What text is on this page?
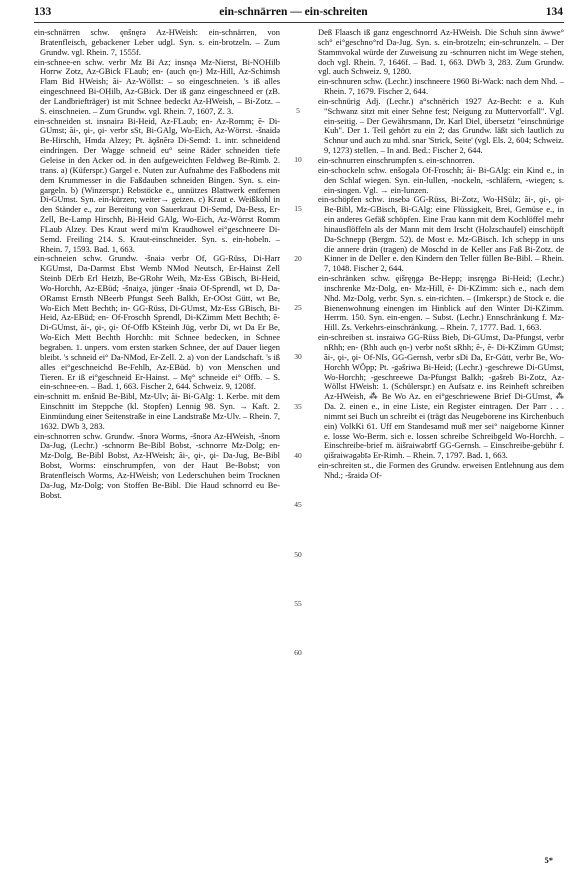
133	ein-schnärren — ein-schreiten	134

ein-schnärren schw. ęnšnęrə Az-HWeish: ein-schnärren, von Bratenfleisch, gebackener Leber udgl. Syn. s. ein-brotzeln. – Zum Grundw. vgl. Rhein. 7, 1555f.

ein-schnee-en schw. verbr Mz Bi Az; insnęə Mz-Nierst, Bi-NOHilb Horrw Zotz, Az-GBick FLaub; en- (auch ęn-) Mz-Hill, Az-Schimsh Flam Bid HWeish; ãi- Az-Wöllst: – so eingeschneien. 's iß alles eingeschneed Bi-OHilb, Az-GBick. Der iß ganz eingeschneed er (zB. der Landbriefträger) ist mit Schnee bedeckt Az-HWeish, – Bi-Zotz. – S. einschneien. – Zum Grundw. vgl. Rhein. 7, 1607, Z. 3.

ein-schneiden st. insnairə Bi-Heid, Az-FLaub; en- Az-Romm; ẽ- Di-GUmst; ãi-, ǫi-, ǫi- verbr sSt, Bi-GAlg, Wo-Eich, Az-Wörrst. -šnaidə Be-Hirschh, Hmda Alzey; Pt. äǫšnērə Di-Semd: 1. intr. schneidend eindringen. Der Wagge schneid eu° seine Räder schneiden tiefe Geleise in den Acker od. in den aufgeweichten Feldweg Be-Rimb. 2. trans. a) (Küferspr.) Gargel e. Nuten zur Aufnahme des Faßbodens mit dem Krummesser in die Faßdauben schneiden Bingen. Syn. s. ein-gargeln. b) (Winzerspr.) Rebstöcke e., unnützes Blattwerk entfernen Di-GUmst. Syn. ein-kürzen; weiter→ geizen. c) Kraut e. Weißkohl in den Ständer e., zur Bereitung von Sauerkraut Di-Semd, Da-Bess, Er-Zell, Be-Lamp Hirschh, Bi-Heid GAlg, Wo-Eich, Az-Wörrst Romm FLaub Alzey. Des Kraut werd mi'm Kraudhowel ei°geschneere Di-Semd. Freiling 214. S. Kraut-einschneider. Syn. s. ein-hobeln. – Rhein. 7, 1593. Bad. 1, 663.

ein-schneien schw. Grundw. -šnaiə verbr Of, GG-Rüss, Di-Harr KGUmst, Da-Darmst Ebst Wemb NMod Neutsch, Er-Hainst Zell Steinb DErb Erl Hetzb, Be-GRohr Weih, Mz-Ess GBisch, Bi-Heid, Wo-Horchh, Az-EBüd; -šnaiχə, jünger -šnaiə Of-Sprendl, wt D, Da-ORamst Ernsth NBeerb Pfungst Seeh Balkh, Er-OOst Gütt, wt Be, Wo-Eich Mett Bechth; in- GG-Rüss, Di-GUmst, Mz-Ess GBisch, Bi-Heid, Az-EBüd; en- Of-Froschh Sprendl, Di-KZimm Mett Bechth; ẽ- Di-GUmst, ãi-, ǫi-, ǫi- Of-Offb KSteinh Jüg, verbr Di, wt Da Er Be, Wo-Eich Mett Bechth Horchh: mit Schnee bedecken, in Schnee begraben. 1. unpers. vom ersten starken Schnee, der auf Dauer liegen bleibt. 's schneid ei° Da-NMod, Er-Zell. 2. a) von der Landschaft. 's iß alles ei°geschneichd Be-Fehlh, Az-EBüd. b) von Menschen und Tieren. Er iß ei°geschneid Er-Hainst. – Mę° schneide ei° Offb. – S. ein-schnee-en. – Bad. 1, 663. Fischer 2, 644. Schweiz. 9, 1208f.

ein-schnitt m. enšnid Be-Bibl, Mz-Ulv; ãi- Bi-GAlg: 1. Kerbe. mit dem Einschnitt im Steppche (kl. Stopfen) Lennig 98. Syn. → Kaft. 2. Einmündung einer Seitenstraße in eine Landstraße Mz-Ulv. – Rhein. 7, 1632. DWb 3, 283.

ein-schnorren schw. Grundw. -šnorə Worms, -šnorə Az-HWeish, -šnorn Da-Jug, (Lechr.) -schnorrn Be-Bibl Bobst, -schnorre Mz-Dolg; en- Mz-Dolg, Be-Bibl Bobst, Az-HWeish; ãi-, ǫi-, ǫi- Da-Jug, Be-Bibl Bobst, Worms: einschrumpfen, von der Haut Be-Bobst; von Bratenfleisch Worms, Az-HWeish; von Lederschuhen beim Trocknen Da-Jug, Mz-Dolg; von Stoffen Be-Bibl. Die Haud schnorrd eu Be-Bobst.

5
10
15
20
25
30
35
40
45
50
55
60

Deß Flaasch iß ganz engeschnorrd Az-HWeish. Die Schuh sinn äwwe° sch° ei°geschno°rd Da-Jug. Syn. s. ein-brotzeln; ein-schrunzeln. – Der Stammvokal würde der Zuweisung zu -schnurren nicht im Wege stehen, doch vgl. Rhein. 7, 1646f. – Bad. 1, 663. DWb 3, 283. Zum Grundw. vgl. auch Schweiz. 9, 1280.

ein-schnuren schw. (Lechr.) inschneere 1960 Bi-Wack: nach dem Nhd. – Rhein. 7, 1679. Fischer 2, 644.

ein-schnürig Adj. (Lechr.) a°schnërich 1927 Az-Becht: e a. Kuh "Schwanz sitzt mit einer Sehne fest; Neigung zu Muttervorfall". Vgl. ein-seitig. – Der Gewährsmann, Dr. Karl Diel, übersetzt "einschnürige Kuh". Der 1. Teil gehört zu ein 2; das Grundw. läßt sich lautlich zu Schnur und auch zu mhd. snar 'Strick, Seite' (vgl. Els. 2, 604; Schweiz. 9, 1273) stellen. – In and. Bed.: Fischer 2, 644.

ein-schnurren einschrumpfen s. ein-schnorren.

ein-schockeln schw. enšogələ Of-Froschh; ãi- Bi-GAlg: ein Kind e., in den Schlaf wiegen. Syn. ein-lullen, -nockeln, -schläfern, -wiegen; s. ein-singen. Vgl. → ein-lunzen.

ein-schöpfen schw. insebə GG-Rüss, Bi-Zotz, Wo-HSülz; ãi-, ǫi-, ǫi- Be-Bibl, Mz-GBisch, Bi-GAlg: eine Flüssigkeit, Brei, Gemüse e., in ein anderes Gefäß schöpfen. Eine Frau kann mit dem Kochlöffel mehr hinausflöffeln als der Mann mit dem Irscht (Holzschaufel) einschöpft Da-Schnepp (Bergm. 52). de Most e. Mz-GBisch. Ich schepp in uns die annere drän (tragen) de Moschd in de Keller ans Faß Bi-Zotz. de Kinner in de Deller e. den Kindern den Teller füllen Be-Bibl. – Rhein. 7, 1048. Fischer 2, 644.

ein-schränken schw. ęišręŋgə Be-Hepp; insręŋgə Bi-Heid; (Lechr.) inschrenke Mz-Dolg, en- Mz-Hill, ẽ- Di-KZimm: sich e., nach dem Nhd. Mz-Dolg, verbr. Syn. s. ein-richten. – (Imkerspr.) de Stock e. die Bienenwohnung einengen im Hinblick auf den Winter Di-KZimm. Herrm. 150. Syn. ein-engen. – Subst. (Lechr.) Ennschränkung f. Mz-Hill. Zs. Verkehrs-einschränkung. – Rhein. 7, 1777. Bad. 1, 663.

ein-schreiben st. insraiwə GG-Rüss Bieb, Di-GUmst, Da-Pfungst, verbr nRhh; en- (Rhh auch ęn-) verbr noSt sRhh; ẽ-, ẽ- Di-KZimm GUmst; ãi-, ǫi-, ǫi- Of-NIs, GG-Gernsh, verbr sDi Da, Er-Gütt, verbr Be, Wo-Horchh WÖpp; Pt. -gəšriwə Bi-Heid; (Lechr.) -geschrewe Di-GUmst, Wo-Horchh; -geschreewe Da-Pfungst Balkh; -gəšreb Bi-Zotz, Az-Wöllst HWeish: 1. (Schülerspr.) en Aufsatz e. ins Reinheft schreiben Az-HWeish, ⁂ Be Wo Az. en ei°geschriewene Brief Di-GUmst, ⁂ Da. 2. einen e., in eine Liste, ein Register eintragen. Der Parr . . . nimmt sei Buch un schreibt ei (trägt das Neugeborene ins Kirchenbuch ein) VolkKi 61. Uff em Standesamd muß mer sei° naigeborne Kinner e. losse Wo-Berm. sich e. lossen schreibe Schreibgeld Wo-Horchh. – Einschreibe-brief m. äišraiwəbrīf GG-Gernsh. – Einschreibe-gebühr f. ǫišraiwəgəbīə Er-Rimh. – Rhein. 7, 1797. Bad. 1, 663.

ein-schreiten st., die Formen des Grundw. erweisen Entlehnung aus dem Nhd.; -šraidə Of-

5*
